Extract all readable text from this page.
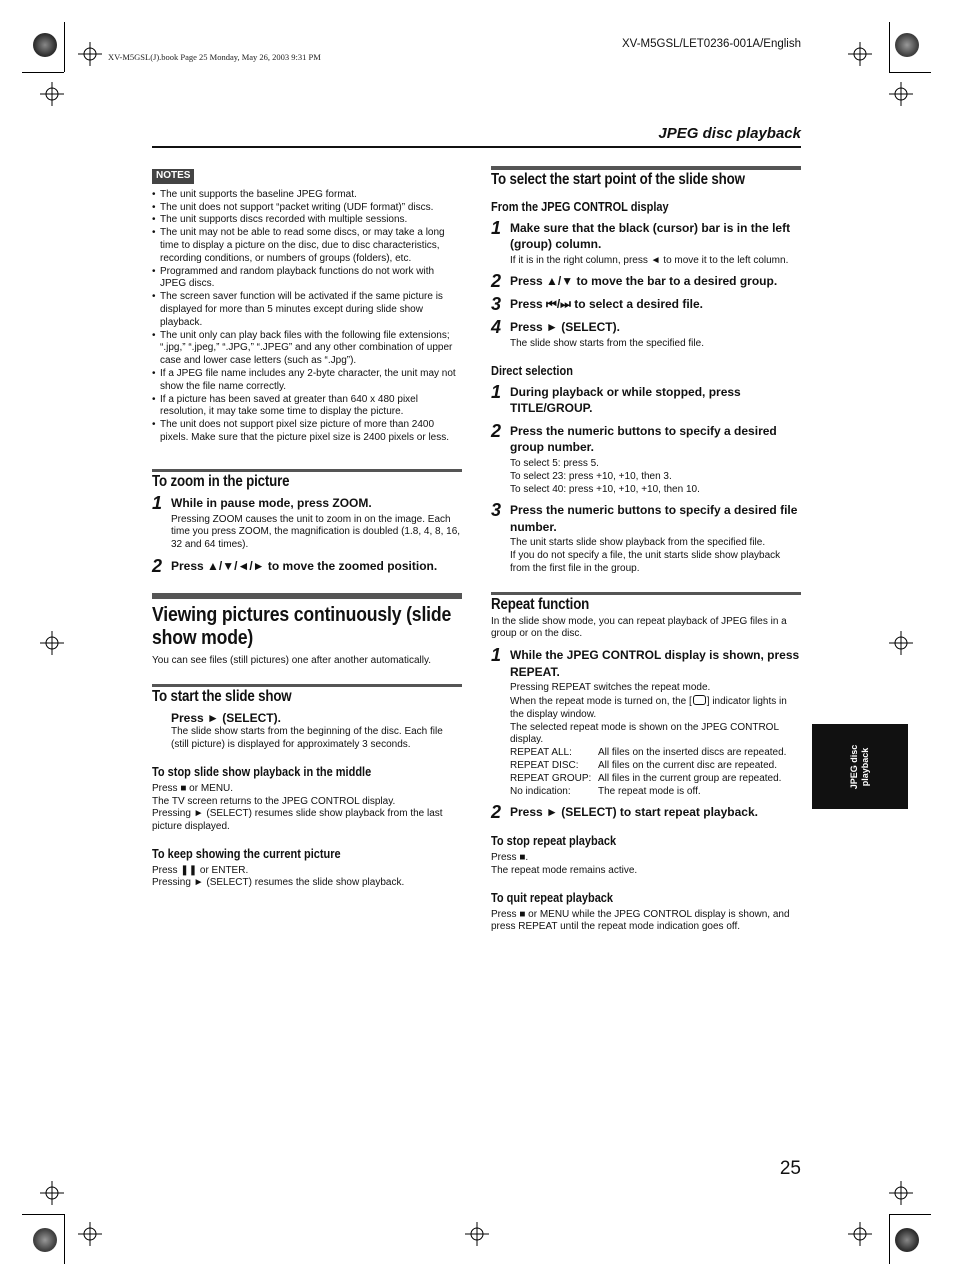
XV-M5GSL(J).book Page 25 Monday, May 26, 2003 9:31 PM
XV-M5GSL/LET0236-001A/English
JPEG disc playback
NOTES
• The unit supports the baseline JPEG format.
• The unit does not support “packet writing (UDF format)” discs.
• The unit supports discs recorded with multiple sessions.
• The unit may not be able to read some discs, or may take a long time to display a picture on the disc, due to disc characteristics, recording conditions, or numbers of groups (folders), etc.
• Programmed and random playback functions do not work with JPEG discs.
• The screen saver function will be activated if the same picture is displayed for more than 5 minutes except during slide show playback.
• The unit only can play back files with the following file extensions; “.jpg,” “.jpeg,” “.JPG,” “.JPEG” and any other combination of upper case and lower case letters (such as “.Jpg”).
• If a JPEG file name includes any 2-byte character, the unit may not show the file name correctly.
• If a picture has been saved at greater than 640 x 480 pixel resolution, it may take some time to display the picture.
• The unit does not support pixel size picture of more than 2400 pixels. Make sure that the picture pixel size is 2400 pixels or less.
To zoom in the picture
1 While in pause mode, press ZOOM.
Pressing ZOOM causes the unit to zoom in on the image. Each time you press ZOOM, the magnification is doubled (1.8, 4, 8, 16, 32 and 64 times).
2 Press ▲/▼/◄/► to move the zoomed position.
Viewing pictures continuously (slide show mode)
You can see files (still pictures) one after another automatically.
To start the slide show
Press ► (SELECT).
The slide show starts from the beginning of the disc. Each file (still picture) is displayed for approximately 3 seconds.
To stop slide show playback in the middle
Press ■ or MENU.
The TV screen returns to the JPEG CONTROL display.
Pressing ► (SELECT) resumes slide show playback from the last picture displayed.
To keep showing the current picture
Press ❚❚ or ENTER.
Pressing ► (SELECT) resumes the slide show playback.
To select the start point of the slide show
From the JPEG CONTROL display
1 Make sure that the black (cursor) bar is in the left (group) column.
If it is in the right column, press ◄ to move it to the left column.
2 Press ▲/▼ to move the bar to a desired group.
3 Press ⏮/⏭ to select a desired file.
4 Press ► (SELECT).
The slide show starts from the specified file.
Direct selection
1 During playback or while stopped, press TITLE/GROUP.
2 Press the numeric buttons to specify a desired group number.
To select 5: press 5.
To select 23: press +10, +10, then 3.
To select 40: press +10, +10, +10, then 10.
3 Press the numeric buttons to specify a desired file number.
The unit starts slide show playback from the specified file.
If you do not specify a file, the unit starts slide show playback from the first file in the group.
Repeat function
In the slide show mode, you can repeat playback of JPEG files in a group or on the disc.
1 While the JPEG CONTROL display is shown, press REPEAT.
Pressing REPEAT switches the repeat mode.
When the repeat mode is turned on, the [ ] indicator lights in the display window.
The selected repeat mode is shown on the JPEG CONTROL display.
REPEAT ALL:	All files on the inserted discs are repeated.
REPEAT DISC:	All files on the current disc are repeated.
REPEAT GROUP: All files in the current group are repeated.
No indication:	The repeat mode is off.
2 Press ► (SELECT) to start repeat playback.
To stop repeat playback
Press ■.
The repeat mode remains active.
To quit repeat playback
Press ■ or MENU while the JPEG CONTROL display is shown, and press REPEAT until the repeat mode indication goes off.
JPEG disc playback
25
